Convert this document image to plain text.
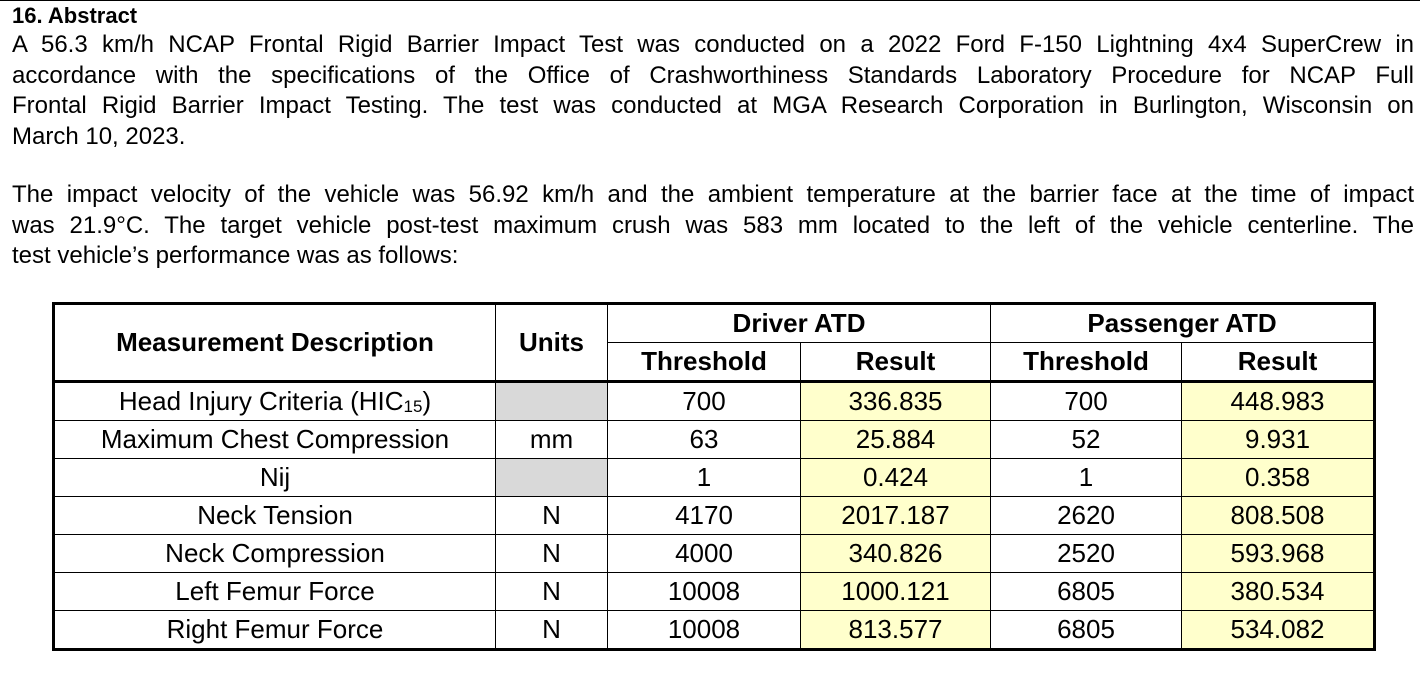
16. Abstract
A 56.3 km/h NCAP Frontal Rigid Barrier Impact Test was conducted on a 2022 Ford F-150 Lightning 4x4 SuperCrew in
accordance with the specifications of the Office of Crashworthiness Standards Laboratory Procedure for NCAP Full
Frontal Rigid Barrier Impact Testing. The test was conducted at MGA Research Corporation in Burlington, Wisconsin on
March 10, 2023.
The impact velocity of the vehicle was 56.92 km/h and the ambient temperature at the barrier face at the time of impact
was 21.9°C. The target vehicle post-test maximum crush was 583 mm located to the left of the vehicle centerline. The
test vehicle’s performance was as follows:
Measurement Description	Units	Driver ATD		Passenger ATD	
		Threshold	Result	Threshold	Result
Head Injury Criteria $(HIC_{15})$		700	336.835	700	448.983
Maximum Chest Compression	mm	63	25.884	52	9.931
Nij		1	0.424	1	0.358
Neck Tension	N	4170	2017.187	2620	808.508
Neck Compression	N	4000	340.826	2520	593.968
Left Femur Force	N	10008	1000.121	6805	380.534
Right Femur Force	N	10008	813.577	6805	534.082
